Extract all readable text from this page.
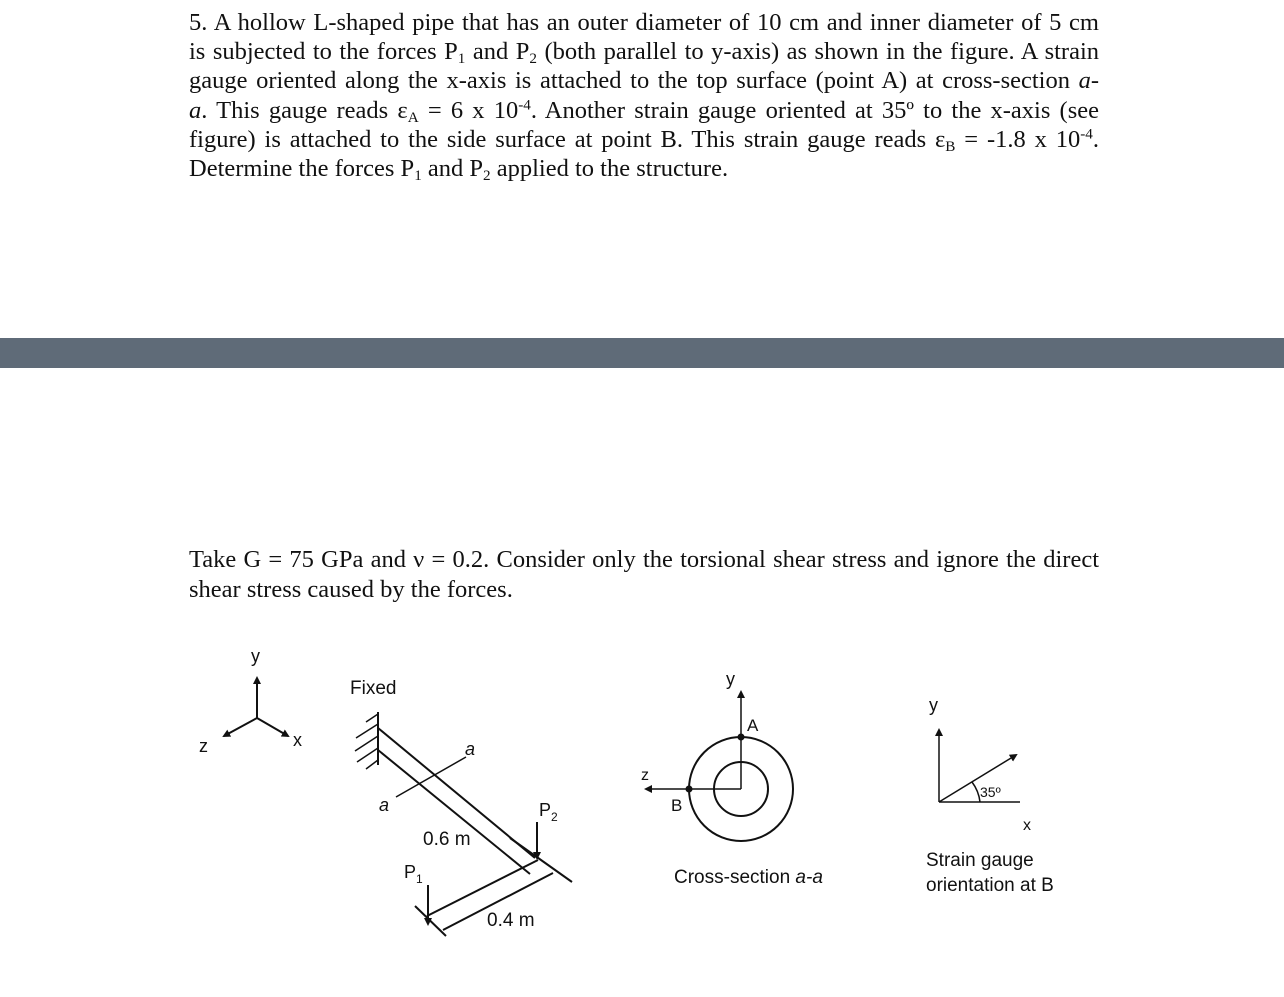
5. A hollow L-shaped pipe that has an outer diameter of 10 cm and inner diameter of 5 cm
is subjected to the forces $P_1$ and $P_2$ (both parallel to y-axis) as shown in the figure. A strain
gauge oriented along the x-axis is attached to the top surface (point A) at cross-section a-
a. This gauge reads $\varepsilon_A = 6$ x $10^{-4}$. Another strain gauge oriented at 35º to the x-axis (see
figure) is attached to the side surface at point B. This strain gauge reads $\varepsilon_B = -1.8$ x $10^{-4}$.
Determine the forces $P_1$ and $P_2$ applied to the structure.
Take G = 75 GPa and ν = 0.2. Consider only the torsional shear stress and ignore the direct
shear stress caused by the forces.
y
z	x
Fixed
a
a	$P_2$
$P_1$
0.6 m
0.4 m
y
z
A
B
Cross-section a-a
35º
y
x
Strain gauge
orientation at B
